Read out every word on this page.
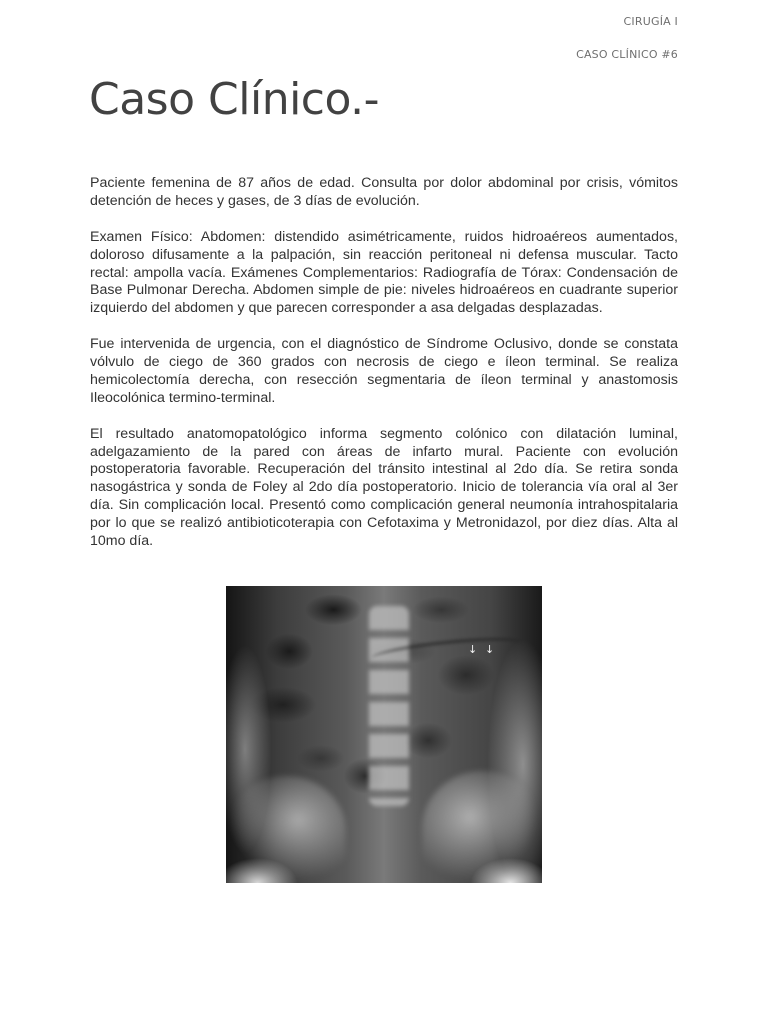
CIRUGÍA I
CASO CLÍNICO #6
Caso Clínico.-

Paciente femenina de 87 años de edad. Consulta por dolor abdominal por crisis, vómitos detención de heces y gases, de 3 días de evolución.

Examen Físico: Abdomen: distendido asimétricamente, ruidos hidroaéreos aumentados, doloroso difusamente a la palpación, sin reacción peritoneal ni defensa muscular. Tacto rectal: ampolla vacía. Exámenes Complementarios: Radiografía de Tórax: Condensación de Base Pulmonar Derecha. Abdomen simple de pie: niveles hidroaéreos en cuadrante superior izquierdo del abdomen y que parecen corresponder a asa delgadas desplazadas.

Fue intervenida de urgencia, con el diagnóstico de Síndrome Oclusivo, donde se constata vólvulo de ciego de 360 grados con necrosis de ciego e íleon terminal. Se realiza hemicolectomía derecha, con resección segmentaria de íleon terminal y anastomosis Ileocolónica termino-terminal.

El resultado anatomopatológico informa segmento colónico con dilatación luminal, adelgazamiento de la pared con áreas de infarto mural. Paciente con evolución postoperatoria favorable. Recuperación del tránsito intestinal al 2do día. Se retira sonda nasogástrica y sonda de Foley al 2do día postoperatorio. Inicio de tolerancia vía oral al 3er día. Sin complicación local. Presentó como complicación general neumonía intrahospitalaria por lo que se realizó antibioticoterapia con Cefotaxima y Metronidazol, por diez días. Alta al 10mo día.

↓ ↓
